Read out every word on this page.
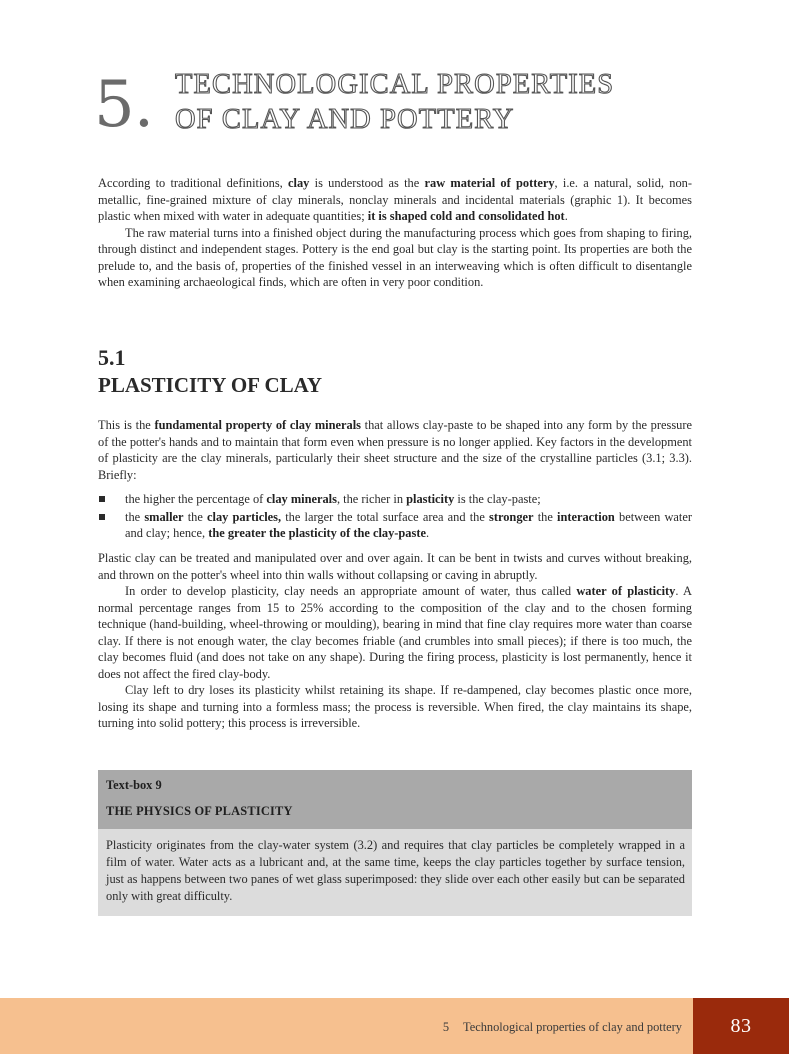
5. TECHNOLOGICAL PROPERTIES
OF CLAY AND POTTERY

According to traditional definitions, clay is understood as the raw material of pottery, i.e. a natural, solid, non-metallic, fine-grained mixture of clay minerals, nonclay minerals and incidental materials (graphic 1). It becomes plastic when mixed with water in adequate quantities; it is shaped cold and consolidated hot.

The raw material turns into a finished object during the manufacturing process which goes from shaping to firing, through distinct and independent stages. Pottery is the end goal but clay is the starting point. Its properties are both the prelude to, and the basis of, properties of the finished vessel in an interweaving which is often difficult to disentangle when examining archaeological finds, which are often in very poor condition.

5.1
PLASTICITY OF CLAY

This is the fundamental property of clay minerals that allows clay-paste to be shaped into any form by the pressure of the potter's hands and to maintain that form even when pressure is no longer applied. Key factors in the development of plasticity are the clay minerals, particularly their sheet structure and the size of the crystalline particles (3.1; 3.3). Briefly:

the higher the percentage of clay minerals, the richer in plasticity is the clay-paste;
the smaller the clay particles, the larger the total surface area and the stronger the interaction between water and clay; hence, the greater the plasticity of the clay-paste.

Plastic clay can be treated and manipulated over and over again. It can be bent in twists and curves without breaking, and thrown on the potter's wheel into thin walls without collapsing or caving in abruptly.

In order to develop plasticity, clay needs an appropriate amount of water, thus called water of plasticity. A normal percentage ranges from 15 to 25% according to the composition of the clay and to the chosen forming technique (hand-building, wheel-throwing or moulding), bearing in mind that fine clay requires more water than coarse clay. If there is not enough water, the clay becomes friable (and crumbles into small pieces); if there is too much, the clay becomes fluid (and does not take on any shape). During the firing process, plasticity is lost permanently, hence it does not affect the fired clay-body.

Clay left to dry loses its plasticity whilst retaining its shape. If re-dampened, clay becomes plastic once more, losing its shape and turning into a formless mass; the process is reversible. When fired, the clay maintains its shape, turning into solid pottery; this process is irreversible.

Text-box 9
THE PHYSICS OF PLASTICITY
Plasticity originates from the clay-water system (3.2) and requires that clay particles be completely wrapped in a film of water. Water acts as a lubricant and, at the same time, keeps the clay particles together by surface tension, just as happens between two panes of wet glass superimposed: they slide over each other easily but can be separated only with great difficulty.
5 Technological properties of clay and pottery	83
